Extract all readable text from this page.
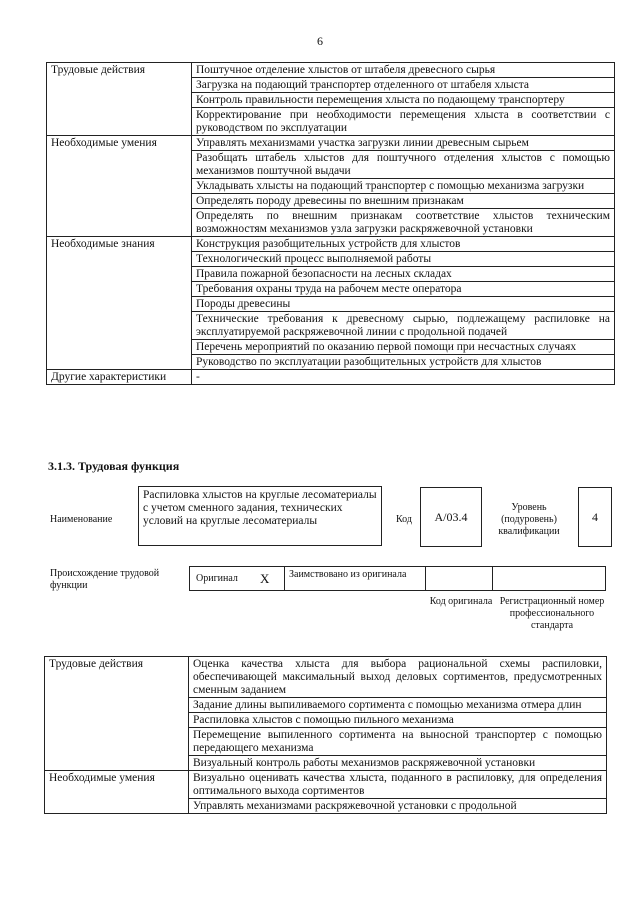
6
Трудовые действия	Поштучное отделение хлыстов от штабеля древесного сырья
	Загрузка на подающий транспортер отделенного от штабеля хлыста
	Контроль правильности перемещения хлыста по подающему транспортеру
	Корректирование при необходимости перемещения хлыста в соответствии с руководством по эксплуатации
Необходимые умения	Управлять механизмами участка загрузки линии древесным сырьем
	Разобщать штабель хлыстов для поштучного отделения хлыстов с помощью механизмов поштучной выдачи
	Укладывать хлысты на подающий транспортер с помощью механизма загрузки
	Определять породу древесины по внешним признакам
	Определять по внешним признакам соответствие хлыстов техническим возможностям механизмов узла загрузки раскряжевочной установки
Необходимые знания	Конструкция разобщительных устройств для хлыстов
	Технологический процесс выполняемой работы
	Правила пожарной безопасности на лесных складах
	Требования охраны труда на рабочем месте оператора
	Породы древесины
	Технические требования к древесному сырью, подлежащему распиловке на эксплуатируемой раскряжевочной линии с продольной подачей
	Перечень мероприятий по оказанию первой помощи при несчастных случаях
	Руководство по эксплуатации разобщительных устройств для хлыстов
Другие характеристики	-
3.1.3. Трудовая функция
Наименование
Распиловка хлыстов на круглые лесоматериалы с учетом сменного задания, технических условий на круглые лесоматериалы	Код	А/03.4
Уровень (подуровень) квалификации
4
Происхождение трудовой функции
Оригинал Х Заимствовано из оригинала
Код оригинала Регистрационный номер профессионального стандарта
Трудовые действия	Оценка качества хлыста для выбора рациональной схемы распиловки, обеспечивающей максимальный выход деловых сортиментов, предусмотренных сменным заданием
	Задание длины выпиливаемого сортимента с помощью механизма отмера длин
	Распиловка хлыстов с помощью пильного механизма
	Перемещение выпиленного сортимента на выносной транспортер с помощью передающего механизма
	Визуальный контроль работы механизмов раскряжевочной установки
Необходимые умения	Визуально оценивать качества хлыста, поданного в распиловку, для определения оптимального выхода сортиментов
	Управлять механизмами раскряжевочной установки с продольной
